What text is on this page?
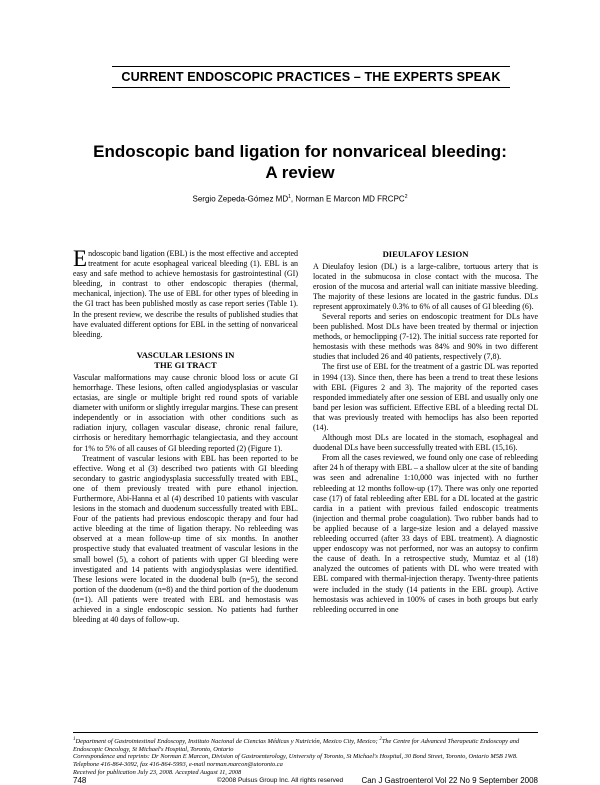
CURRENT ENDOSCOPIC PRACTICES – THE EXPERTS SPEAK
Endoscopic band ligation for nonvariceal bleeding:
A review
Sergio Zepeda-Gómez $MD^1$, Norman E Marcon MD FRCPC$^2$

Endoscopic band ligation (EBL) is the most effective and accepted treatment for acute esophageal variceal bleeding (1). EBL is an easy and safe method to achieve hemostasis for gastrointestinal (GI) bleeding, in contrast to other endoscopic therapies (thermal, mechanical, injection). The use of EBL for other types of bleeding in the GI tract has been published mostly as case report series (Table 1). In the present review, we describe the results of published studies that have evaluated different options for EBL in the setting of nonvariceal bleeding.

VASCULAR LESIONS IN
THE GI TRACT

Vascular malformations may cause chronic blood loss or acute GI hemorrhage. These lesions, often called angiodysplasias or vascular ectasias, are single or multiple bright red round spots of variable diameter with uniform or slightly irregular margins. These can present independently or in association with other conditions such as radiation injury, collagen vascular disease, chronic renal failure, cirrhosis or hereditary hemorrhagic telangiectasia, and they account for 1% to 5% of all causes of GI bleeding reported (2) (Figure 1).

Treatment of vascular lesions with EBL has been reported to be effective. Wong et al (3) described two patients with GI bleeding secondary to gastric angiodysplasia successfully treated with EBL, one of them previously treated with pure ethanol injection. Furthermore, Abi-Hanna et al (4) described 10 patients with vascular lesions in the stomach and duodenum successfully treated with EBL. Four of the patients had previous endoscopic therapy and four had active bleeding at the time of ligation therapy. No rebleeding was observed at a mean follow-up time of six months. In another prospective study that evaluated treatment of vascular lesions in the small bowel (5), a cohort of patients with upper GI bleeding were investigated and 14 patients with angiodysplasias were identified. These lesions were located in the duodenal bulb (n=5), the second portion of the duodenum (n=8) and the third portion of the duodenum (n=1). All patients were treated with EBL and hemostasis was achieved in a single endoscopic session. No patients had further bleeding at 40 days of follow-up.

DIEULAFOY LESION

A Dieulafoy lesion (DL) is a large-calibre, tortuous artery that is located in the submucosa in close contact with the mucosa. The erosion of the mucosa and arterial wall can initiate massive bleeding. The majority of these lesions are located in the gastric fundus. DLs represent approximately 0.3% to 6% of all causes of GI bleeding (6).

Several reports and series on endoscopic treatment for DLs have been published. Most DLs have been treated by thermal or injection methods, or hemoclipping (7-12). The initial success rate reported for hemostasis with these methods was 84% and 90% in two different studies that included 26 and 40 patients, respectively (7,8).

The first use of EBL for the treatment of a gastric DL was reported in 1994 (13). Since then, there has been a trend to treat these lesions with EBL (Figures 2 and 3). The majority of the reported cases responded immediately after one session of EBL and usually only one band per lesion was sufficient. Effective EBL of a bleeding rectal DL that was previously treated with hemoclips has also been reported (14).

Although most DLs are located in the stomach, esophageal and duodenal DLs have been successfully treated with EBL (15,16).

From all the cases reviewed, we found only one case of rebleeding after 24 h of therapy with EBL – a shallow ulcer at the site of banding was seen and adrenaline 1:10,000 was injected with no further rebleeding at 12 months follow-up (17). There was only one reported case (17) of fatal rebleeding after EBL for a DL located at the gastric cardia in a patient with previous failed endoscopic treatments (injection and thermal probe coagulation). Two rubber bands had to be applied because of a large-size lesion and a delayed massive rebleeding occurred (after 33 days of EBL treatment). A diagnostic upper endoscopy was not performed, nor was an autopsy to confirm the cause of death. In a retrospective study, Mumtaz et al (18) analyzed the outcomes of patients with DL who were treated with EBL compared with thermal-injection therapy. Twenty-three patients were included in the study (14 patients in the EBL group). Active hemostasis was achieved in 100% of cases in both groups but early rebleeding occurred in one

$^1$Department of Gastrointestinal Endoscopy, Instituto Nacional de Ciencias Médicas y Nutrición, Mexico City, Mexico; $^2$The Centre for Advanced Therapeutic Endoscopy and Endoscopic Oncology, St Michael's Hospital, Toronto, Ontario
Correspondence and reprints: Dr Norman E Marcon, Division of Gastroenterology, University of Toronto, St Michael's Hospital, 30 Bond Street, Toronto, Ontario M5B 1W8. Telephone 416-864-3092, fax 416-864-5993, e-mail norman.marcon@utoronto.ca
Received for publication July 23, 2008. Accepted August 11, 2008
748	©2008 Pulsus Group Inc. All rights reserved	Can J Gastroenterol Vol 22 No 9 September 2008
